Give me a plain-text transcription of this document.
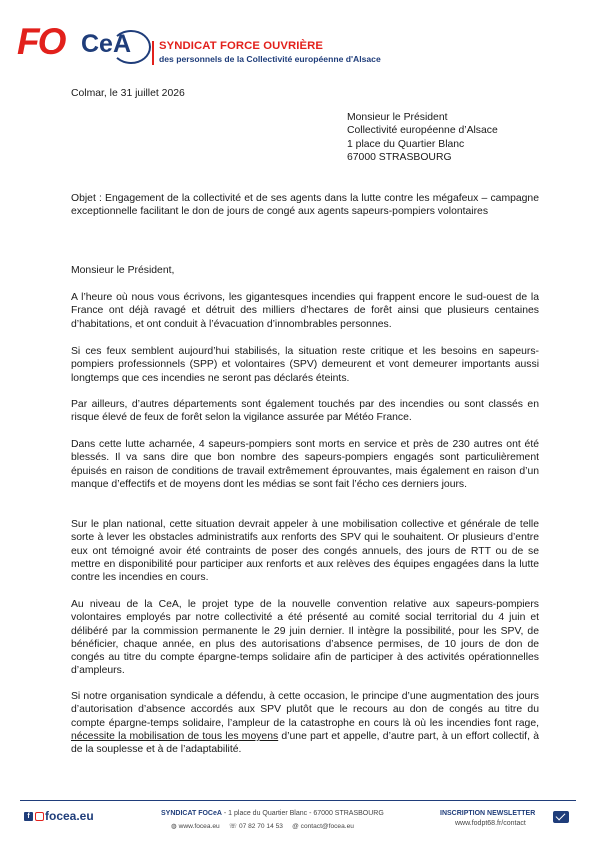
FO CeA SYNDICAT FORCE OUVRIÈRE
des personnels de la Collectivité européenne d'Alsace

Colmar, le 31 juillet 2026

Monsieur le Président
Collectivité européenne d’Alsace
1 place du Quartier Blanc
67000 STRASBOURG

Objet : Engagement de la collectivité et de ses agents dans la lutte contre les mégafeux – campagne exceptionnelle facilitant le don de jours de congé aux agents sapeurs-pompiers volontaires

Monsieur le Président,

A l’heure où nous vous écrivons, les gigantesques incendies qui frappent encore le sud-ouest de la France ont déjà ravagé et détruit des milliers d’hectares de forêt ainsi que plusieurs centaines d’habitations, et ont conduit à l’évacuation d’innombrables personnes.

Si ces feux semblent aujourd’hui stabilisés, la situation reste critique et les besoins en sapeurs-pompiers professionnels (SPP) et volontaires (SPV) demeurent et vont demeurer importants aussi longtemps que ces incendies ne seront pas déclarés éteints.

Par ailleurs, d’autres départements sont également touchés par des incendies ou sont classés en risque élevé de feux de forêt selon la vigilance assurée par Météo France.

Dans cette lutte acharnée, 4 sapeurs-pompiers sont morts en service et près de 230 autres ont été blessés. Il va sans dire que bon nombre des sapeurs-pompiers engagés sont particulièrement épuisés en raison de conditions de travail extrêmement éprouvantes, mais également en raison d’un manque d’effectifs et de moyens dont les médias se sont fait l’écho ces derniers jours.

Sur le plan national, cette situation devrait appeler à une mobilisation collective et générale de telle sorte à lever les obstacles administratifs aux renforts des SPV qui le souhaitent. Or plusieurs d’entre eux ont témoigné avoir été contraints de poser des congés annuels, des jours de RTT ou de se mettre en disponibilité pour participer aux renforts et aux relèves des équipes engagées dans la lutte contre les incendies en cours.

Au niveau de la CeA, le projet type de la nouvelle convention relative aux sapeurs-pompiers volontaires employés par notre collectivité a été présenté au comité social territorial du 4 juin et délibéré par la commission permanente le 29 juin dernier. Il intègre la possibilité, pour les SPV, de bénéficier, chaque année, en plus des autorisations d’absence permises, de 10 jours de don de congés au titre du compte épargne-temps solidaire afin de participer à des activités opérationnelles d’ampleurs.

Si notre organisation syndicale a défendu, à cette occasion, le principe d’une augmentation des jours d’autorisation d’absence accordés aux SPV plutôt que le recours au don de congés au titre du compte épargne-temps solidaire, l’ampleur de la catastrophe en cours là où les incendies font rage, nécessite la mobilisation de tous les moyens d’une part et appelle, d’autre part, à un effort collectif, à de la souplesse et à de l’adaptabilité.

f focea.eu	SYNDICAT FOCeA - 1 place du Quartier Blanc - 67000 STRASBOURG
◍ www.focea.eu ☏ 07 82 70 14 53 @ contact@focea.eu
INSCRIPTION NEWSLETTER
www.fodpt68.fr/contact
